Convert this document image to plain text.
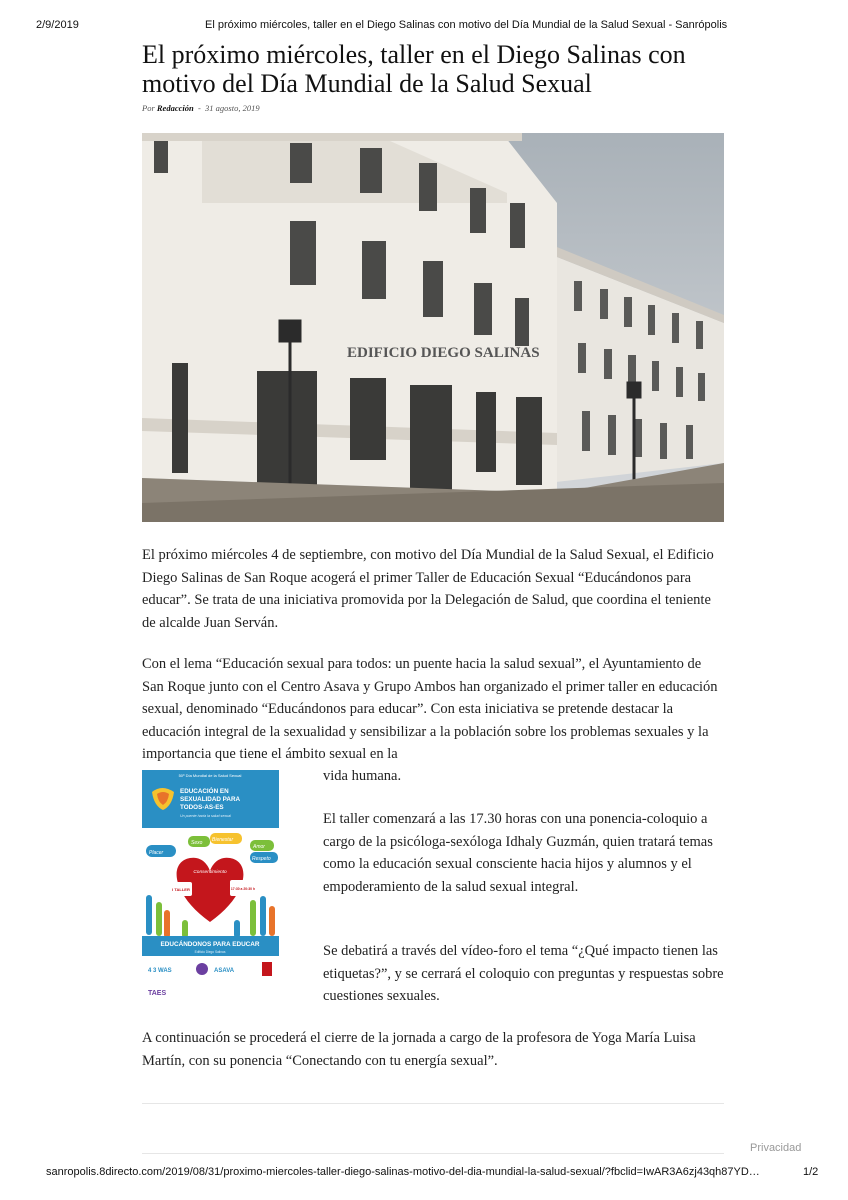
2/9/2019	El próximo miércoles, taller en el Diego Salinas con motivo del Día Mundial de la Salud Sexual - Sanrópolis
El próximo miércoles, taller en el Diego Salinas con motivo del Día Mundial de la Salud Sexual
Por Redacción - 31 agosto, 2019
EDIFICIO DIEGO SALINAS

El próximo miércoles 4 de septiembre, con motivo del Día Mundial de la Salud Sexual, el Edificio Diego Salinas de San Roque acogerá el primer Taller de Educación Sexual “Educándonos para educar”. Se trata de una iniciativa promovida por la Delegación de Salud, que coordina el teniente de alcalde Juan Serván.

Con el lema “Educación sexual para todos: un puente hacia la salud sexual”, el Ayuntamiento de San Roque junto con el Centro Asava y Grupo Ambos han organizado el primer taller en educación sexual, denominado “Educándonos para educar”. Con esta iniciativa se pretende destacar la educación integral de la sexualidad y sensibilizar a la población sobre los problemas sexuales y la importancia que tiene el ámbito sexual en la

vida humana.

50º Día Mundial de la Salud Sexual
EDUCACIÓN EN
SEXUALIDAD PARA
TODOS-AS-ES
Un puente hacia la salud sexual
Placer
Sexo Bienestar
Amor
Respeto
Consentimiento
I TALLER	17:30 a 20:30 h
EDUCÁNDONOS PARA EDUCAR
Edificio Diego Salinas
4 3 WAS	ASAVA
TAES

El taller comenzará a las 17.30 horas con una ponencia-coloquio a cargo de la psicóloga-sexóloga Idhaly Guzmán, quien tratará temas como la educación sexual consciente hacia hijos y alumnos y el empoderamiento de la salud sexual integral.

Se debatirá a través del vídeo-foro el tema “¿Qué impacto tienen las etiquetas?”, y se cerrará el coloquio con preguntas y respuestas sobre cuestiones sexuales.

A continuación se procederá el cierre de la jornada a cargo de la profesora de Yoga María Luisa Martín, con su ponencia “Conectando con tu energía sexual”.

Privacidad
sanropolis.8directo.com/2019/08/31/proximo-miercoles-taller-diego-salinas-motivo-del-dia-mundial-la-salud-sexual/?fbclid=IwAR3A6zj43qh87YD…	1/2
